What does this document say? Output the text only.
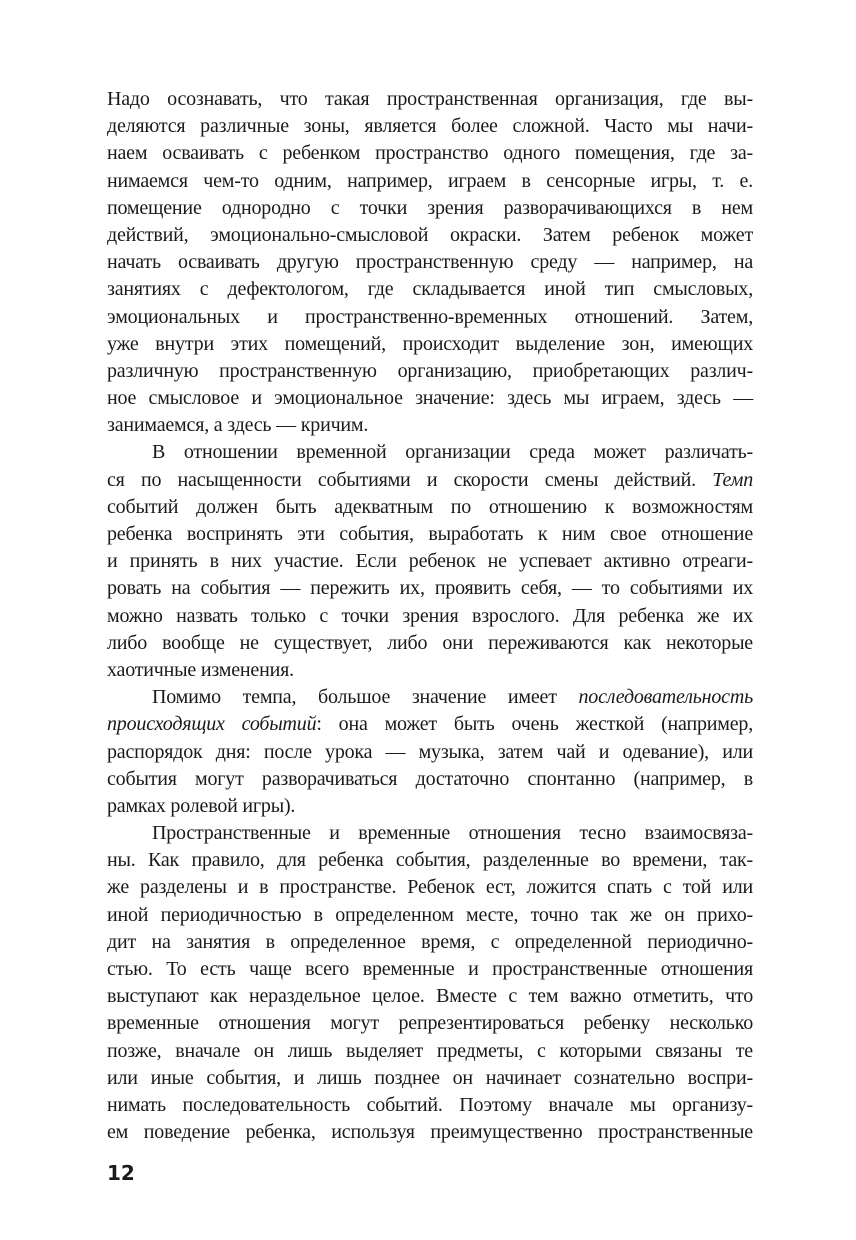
Надо осознавать, что такая пространственная организация, где вы-
деляются различные зоны, является более сложной. Часто мы начи-
наем осваивать с ребенком пространство одного помещения, где за-
нимаемся чем-то одним, например, играем в сенсорные игры, т. е.
помещение однородно с точки зрения разворачивающихся в нем
действий, эмоционально-смысловой окраски. Затем ребенок может
начать осваивать другую пространственную среду — например, на
занятиях с дефектологом, где складывается иной тип смысловых,
эмоциональных и пространственно-временных отношений. Затем,
уже внутри этих помещений, происходит выделение зон, имеющих
различную пространственную организацию, приобретающих различ-
ное смысловое и эмоциональное значение: здесь мы играем, здесь —
занимаемся, а здесь — кричим.
В отношении временной организации среда может различать-
ся по насыщенности событиями и скорости смены действий. Темп
событий должен быть адекватным по отношению к возможностям
ребенка воспринять эти события, выработать к ним свое отношение
и принять в них участие. Если ребенок не успевает активно отреаги-
ровать на события — пережить их, проявить себя, — то событиями их
можно назвать только с точки зрения взрослого. Для ребенка же их
либо вообще не существует, либо они переживаются как некоторые
хаотичные изменения.
Помимо темпа, большое значение имеет последовательность
происходящих событий: она может быть очень жесткой (например,
распорядок дня: после урока — музыка, затем чай и одевание), или
события могут разворачиваться достаточно спонтанно (например, в
рамках ролевой игры).
Пространственные и временные отношения тесно взаимосвяза-
ны. Как правило, для ребенка события, разделенные во времени, так-
же разделены и в пространстве. Ребенок ест, ложится спать с той или
иной периодичностью в определенном месте, точно так же он прихо-
дит на занятия в определенное время, с определенной периодично-
стью. То есть чаще всего временные и пространственные отношения
выступают как нераздельное целое. Вместе с тем важно отметить, что
временные отношения могут репрезентироваться ребенку несколько
позже, вначале он лишь выделяет предметы, с которыми связаны те
или иные события, и лишь позднее он начинает сознательно воспри-
нимать последовательность событий. Поэтому вначале мы организу-
ем поведение ребенка, используя преимущественно пространственные
12
